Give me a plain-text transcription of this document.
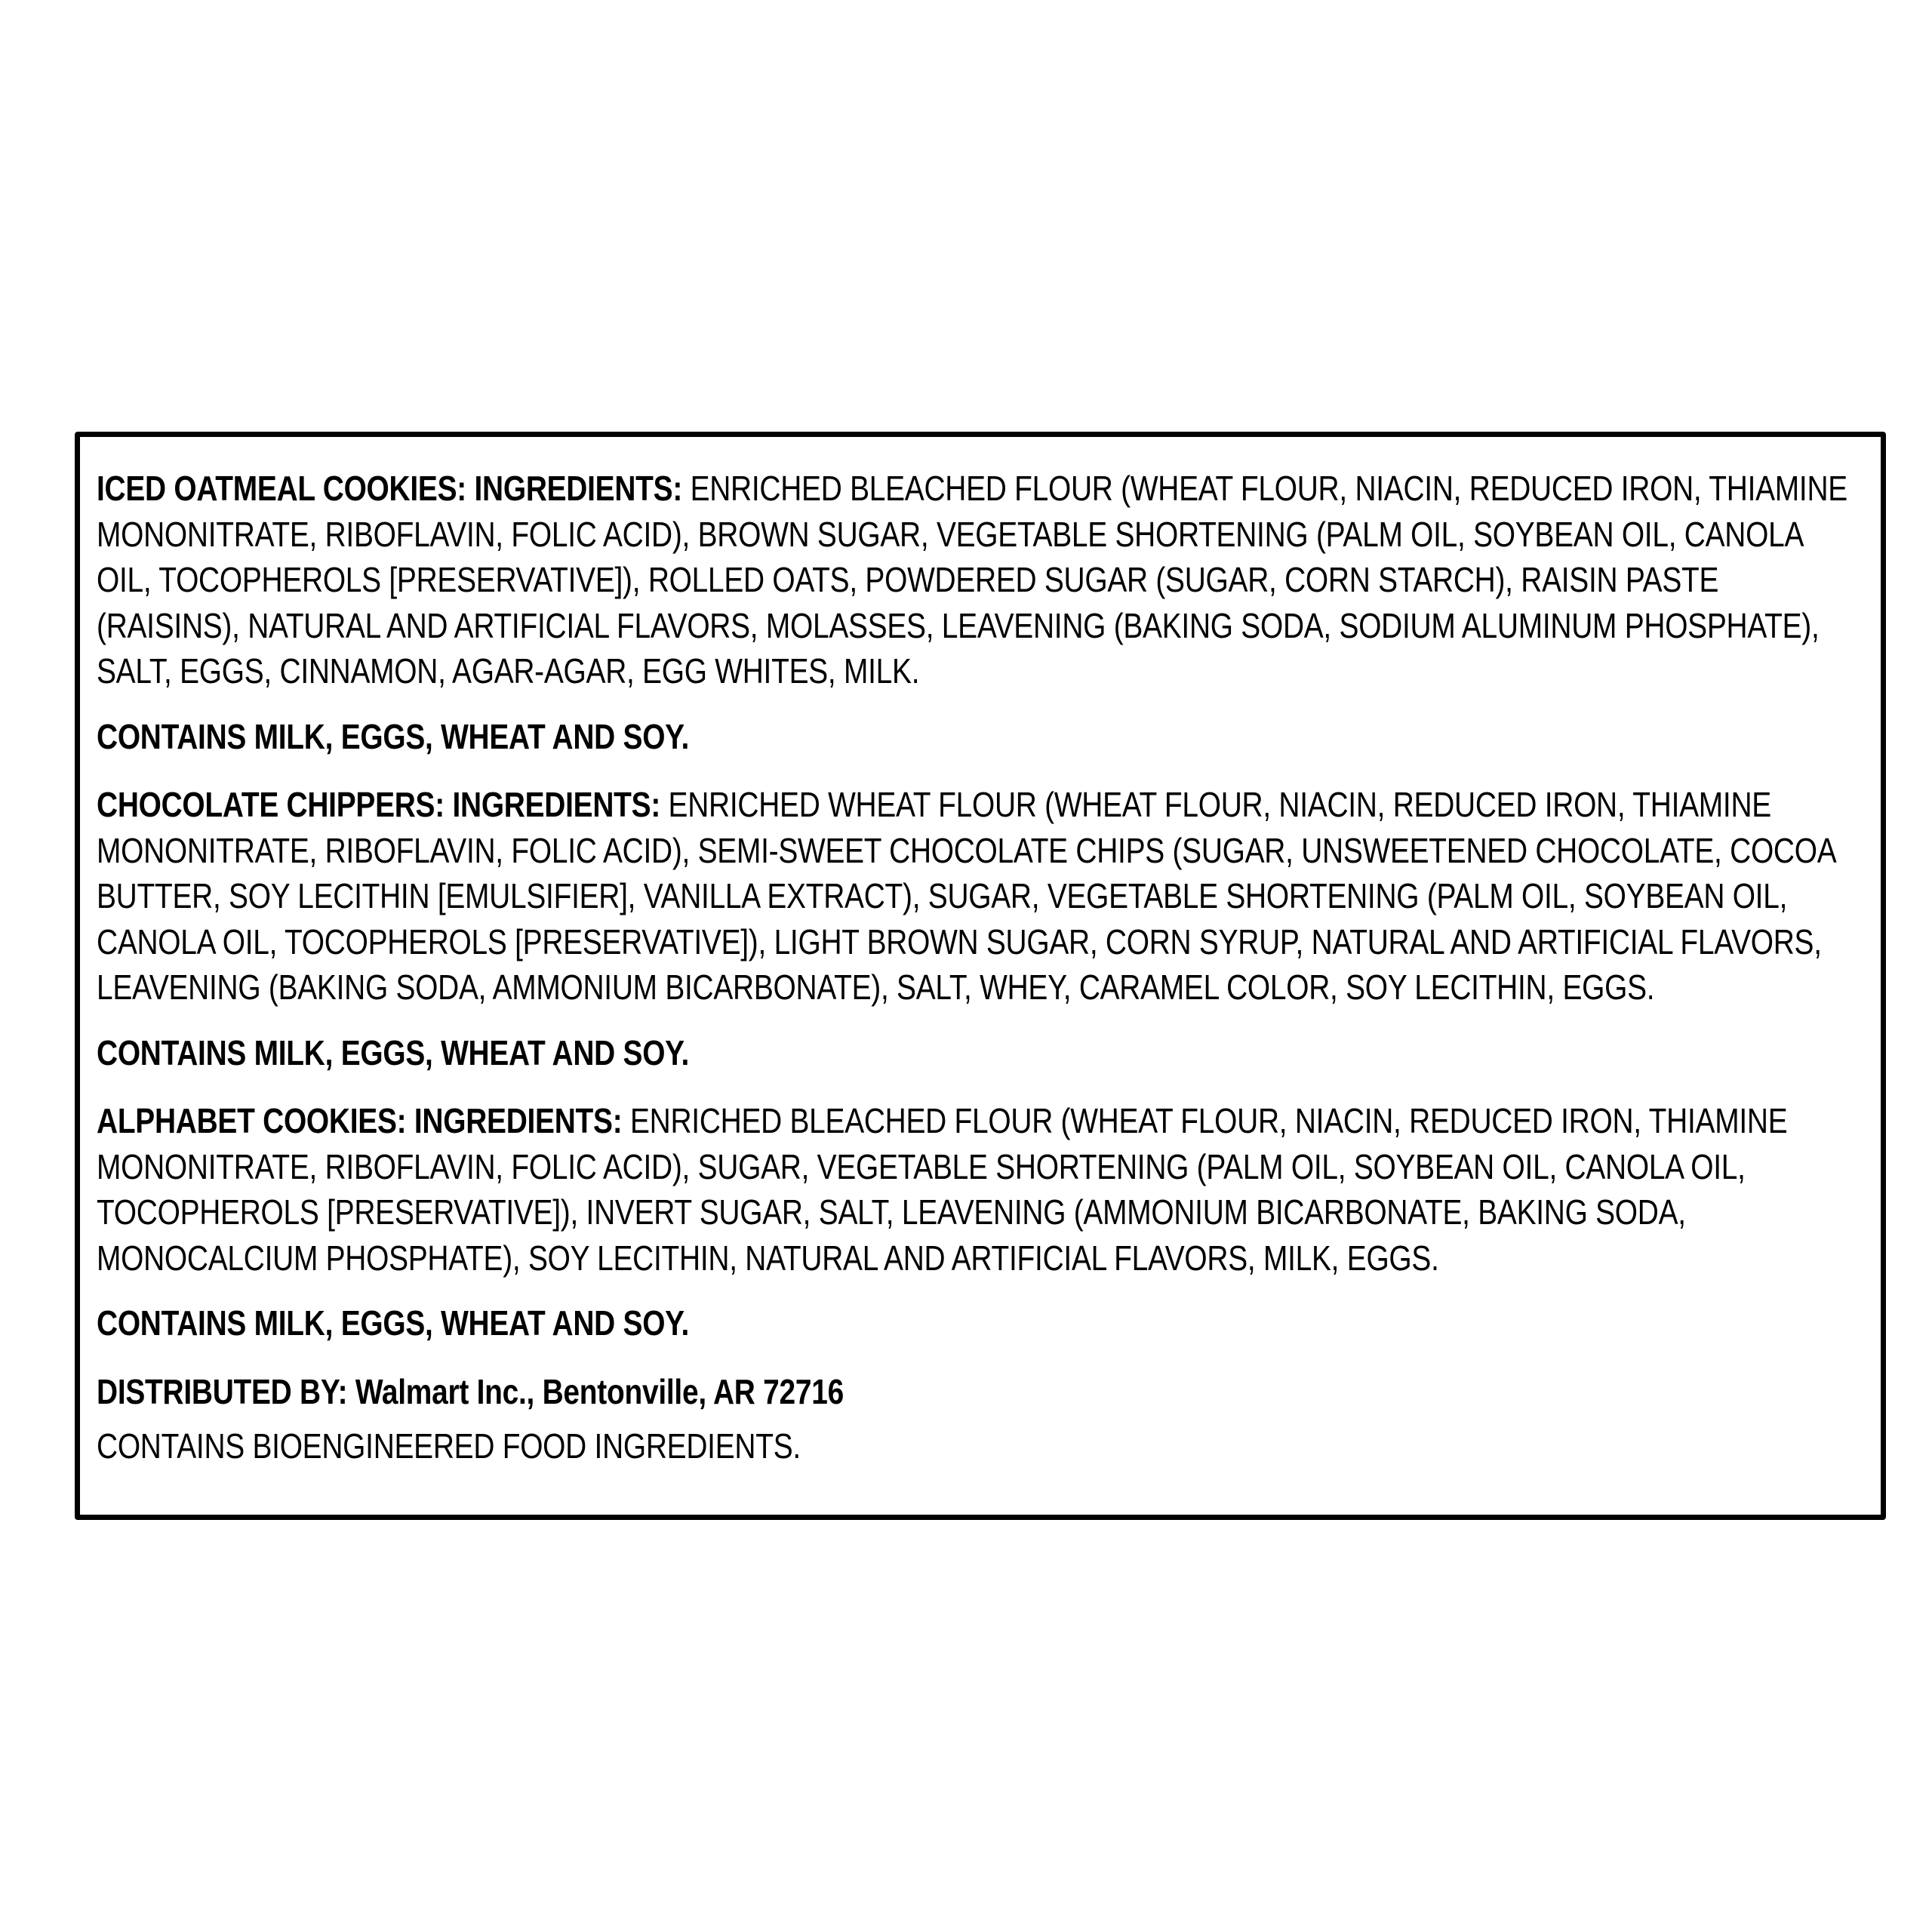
ICED OATMEAL COOKIES: INGREDIENTS: ENRICHED BLEACHED FLOUR (WHEAT FLOUR, NIACIN, REDUCED IRON, THIAMINE MONONITRATE, RIBOFLAVIN, FOLIC ACID), BROWN SUGAR, VEGETABLE SHORTENING (PALM OIL, SOYBEAN OIL, CANOLA OIL, TOCOPHEROLS [PRESERVATIVE]), ROLLED OATS, POWDERED SUGAR (SUGAR, CORN STARCH), RAISIN PASTE (RAISINS), NATURAL AND ARTIFICIAL FLAVORS, MOLASSES, LEAVENING (BAKING SODA, SODIUM ALUMINUM PHOSPHATE), SALT, EGGS, CINNAMON, AGAR-AGAR, EGG WHITES, MILK.

CONTAINS MILK, EGGS, WHEAT AND SOY.

CHOCOLATE CHIPPERS: INGREDIENTS: ENRICHED WHEAT FLOUR (WHEAT FLOUR, NIACIN, REDUCED IRON, THIAMINE MONONITRATE, RIBOFLAVIN, FOLIC ACID), SEMI-SWEET CHOCOLATE CHIPS (SUGAR, UNSWEETENED CHOCOLATE, COCOA BUTTER, SOY LECITHIN [EMULSIFIER], VANILLA EXTRACT), SUGAR, VEGETABLE SHORTENING (PALM OIL, SOYBEAN OIL, CANOLA OIL, TOCOPHEROLS [PRESERVATIVE]), LIGHT BROWN SUGAR, CORN SYRUP, NATURAL AND ARTIFICIAL FLAVORS, LEAVENING (BAKING SODA, AMMONIUM BICARBONATE), SALT, WHEY, CARAMEL COLOR, SOY LECITHIN, EGGS.

CONTAINS MILK, EGGS, WHEAT AND SOY.

ALPHABET COOKIES: INGREDIENTS: ENRICHED BLEACHED FLOUR (WHEAT FLOUR, NIACIN, REDUCED IRON, THIAMINE MONONITRATE, RIBOFLAVIN, FOLIC ACID), SUGAR, VEGETABLE SHORTENING (PALM OIL, SOYBEAN OIL, CANOLA OIL, TOCOPHEROLS [PRESERVATIVE]), INVERT SUGAR, SALT, LEAVENING (AMMONIUM BICARBONATE, BAKING SODA, MONOCALCIUM PHOSPHATE), SOY LECITHIN, NATURAL AND ARTIFICIAL FLAVORS, MILK, EGGS.

CONTAINS MILK, EGGS, WHEAT AND SOY.

DISTRIBUTED BY: Walmart Inc., Bentonville, AR 72716

CONTAINS BIOENGINEERED FOOD INGREDIENTS.
